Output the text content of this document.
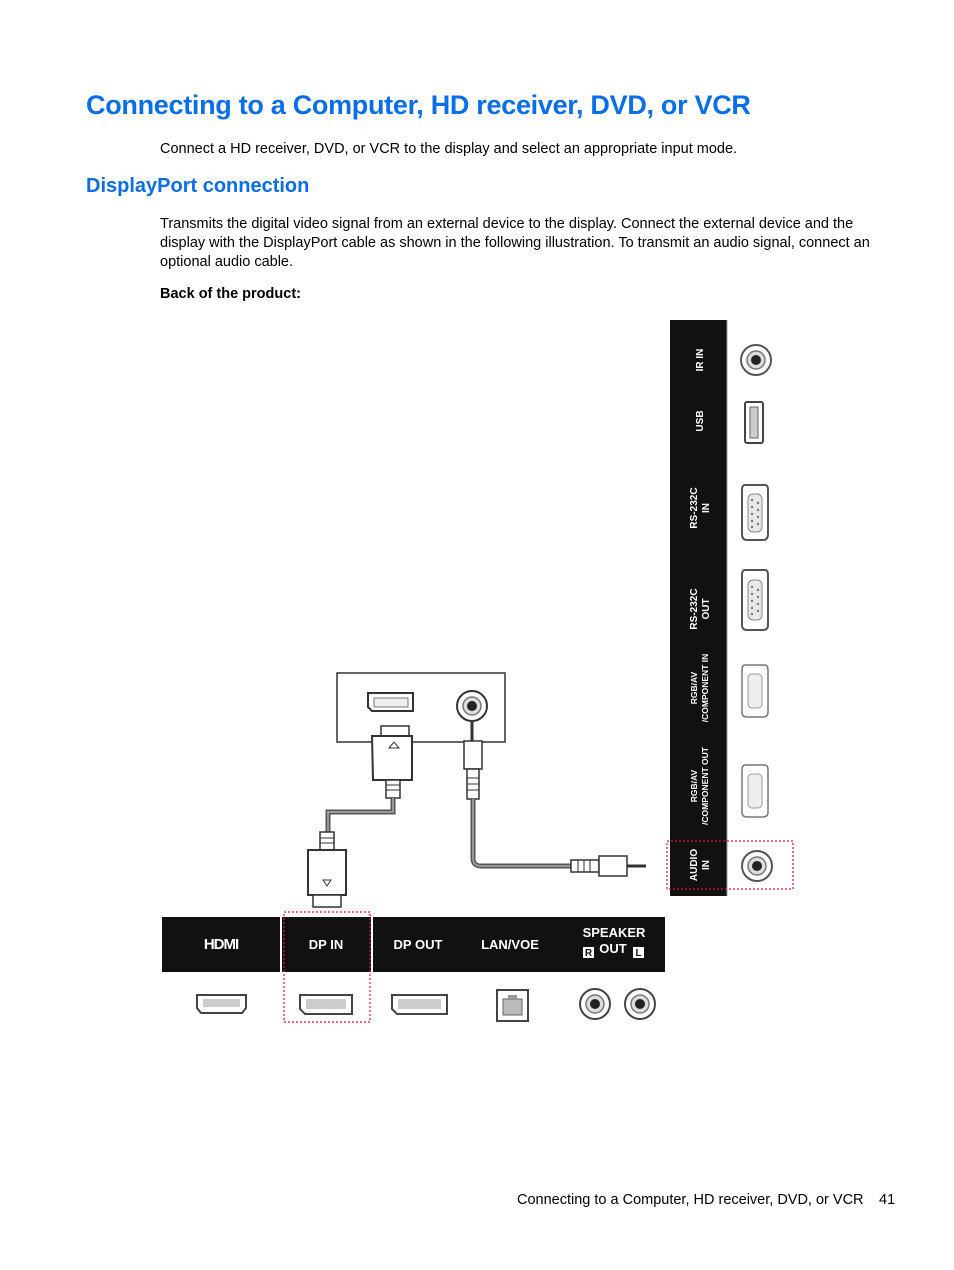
Connecting to a Computer, HD receiver, DVD, or VCR

Connect a HD receiver, DVD, or VCR to the display and select an appropriate input mode.

DisplayPort connection

Transmits the digital video signal from an external device to the display. Connect the external device and the display with the DisplayPort cable as shown in the following illustration. To transmit an audio signal, connect an optional audio cable.

Back of the product:

IR IN
USB
RS-232C IN
RS-232C OUT
RGB/AV /COMPONENT IN
RGB/AV /COMPONENT OUT
AUDIO IN
HDMI	DP IN	DP OUT	LAN/VOE
SPEAKER
OUT
R	L
Connecting to a Computer, HD receiver, DVD, or VCR 41
